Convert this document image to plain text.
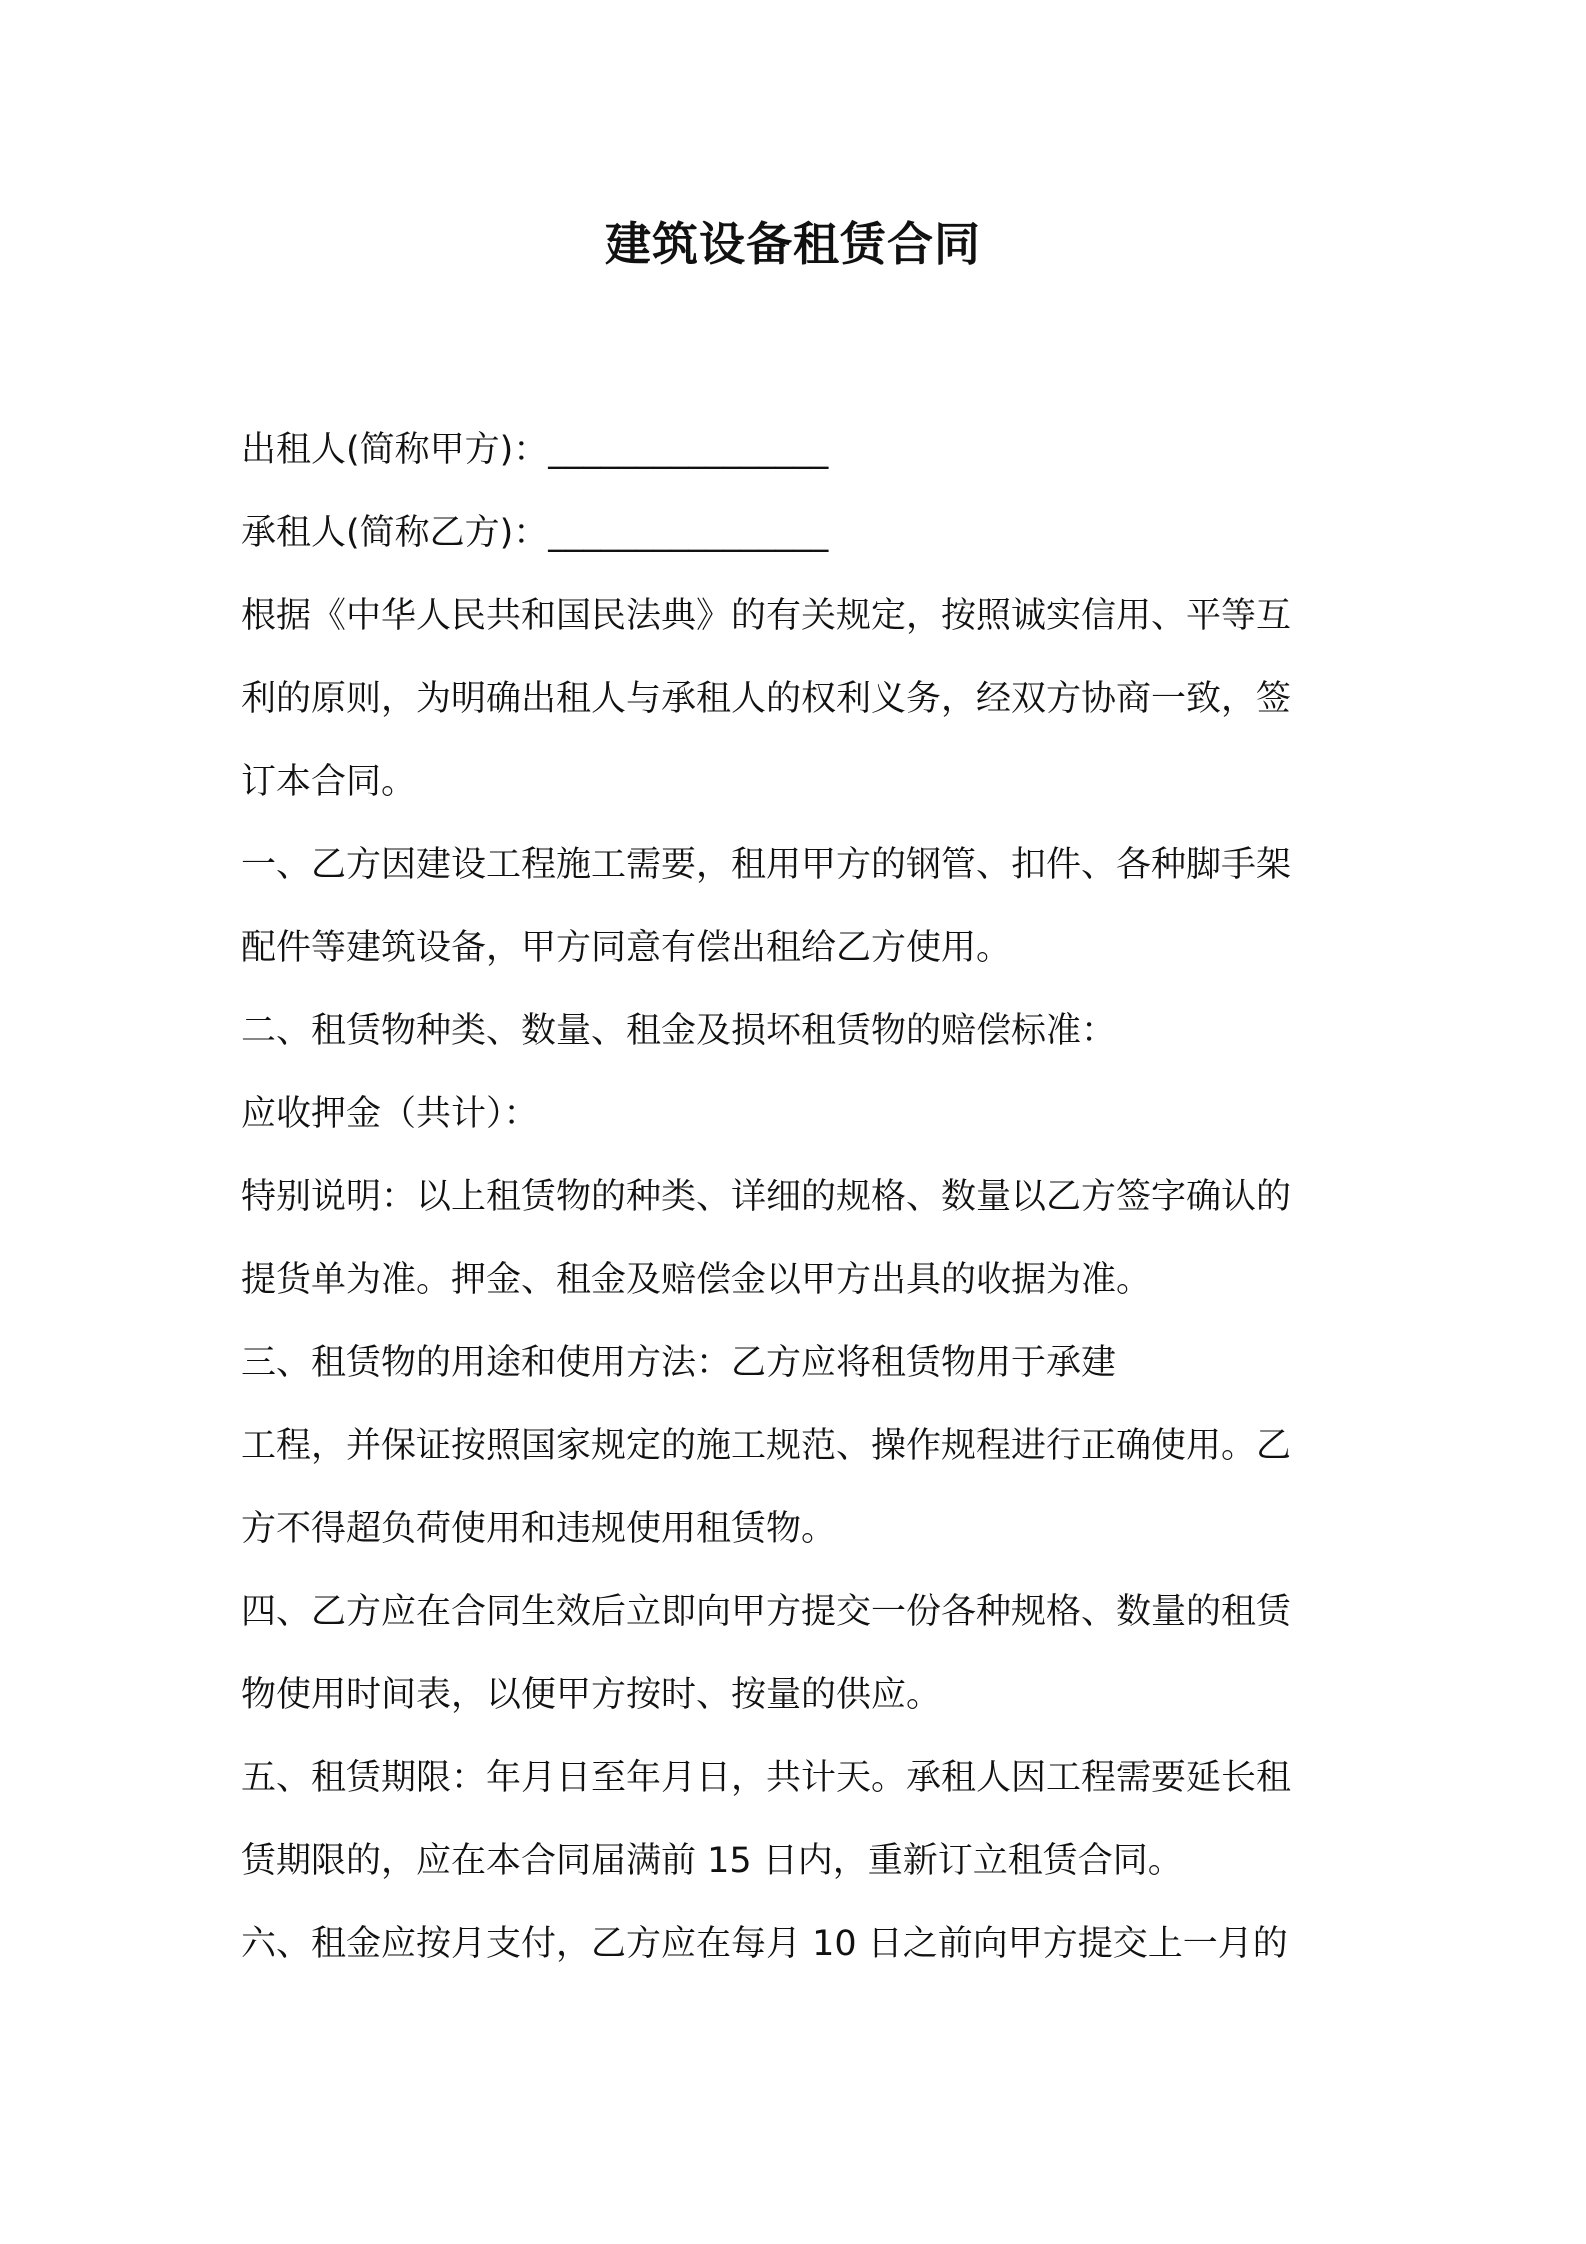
建筑设备租赁合同
出租人(简称甲方)：________________
承租人(简称乙方)：________________
根据《中华人民共和国民法典》的有关规定，按照诚实信用、平等互
利的原则，为明确出租人与承租人的权利义务，经双方协商一致，签
订本合同。
一、乙方因建设工程施工需要，租用甲方的钢管、扣件、各种脚手架
配件等建筑设备，甲方同意有偿出租给乙方使用。
二、租赁物种类、数量、租金及损坏租赁物的赔偿标准：
应收押金（共计）：
特别说明：以上租赁物的种类、详细的规格、数量以乙方签字确认的
提货单为准。押金、租金及赔偿金以甲方出具的收据为准。
三、租赁物的用途和使用方法：乙方应将租赁物用于承建
工程，并保证按照国家规定的施工规范、操作规程进行正确使用。乙
方不得超负荷使用和违规使用租赁物。
四、乙方应在合同生效后立即向甲方提交一份各种规格、数量的租赁
物使用时间表，以便甲方按时、按量的供应。
五、租赁期限：年月日至年月日，共计天。承租人因工程需要延长租
赁期限的，应在本合同届满前 15 日内，重新订立租赁合同。
六、租金应按月支付，乙方应在每月 10 日之前向甲方提交上一月的
